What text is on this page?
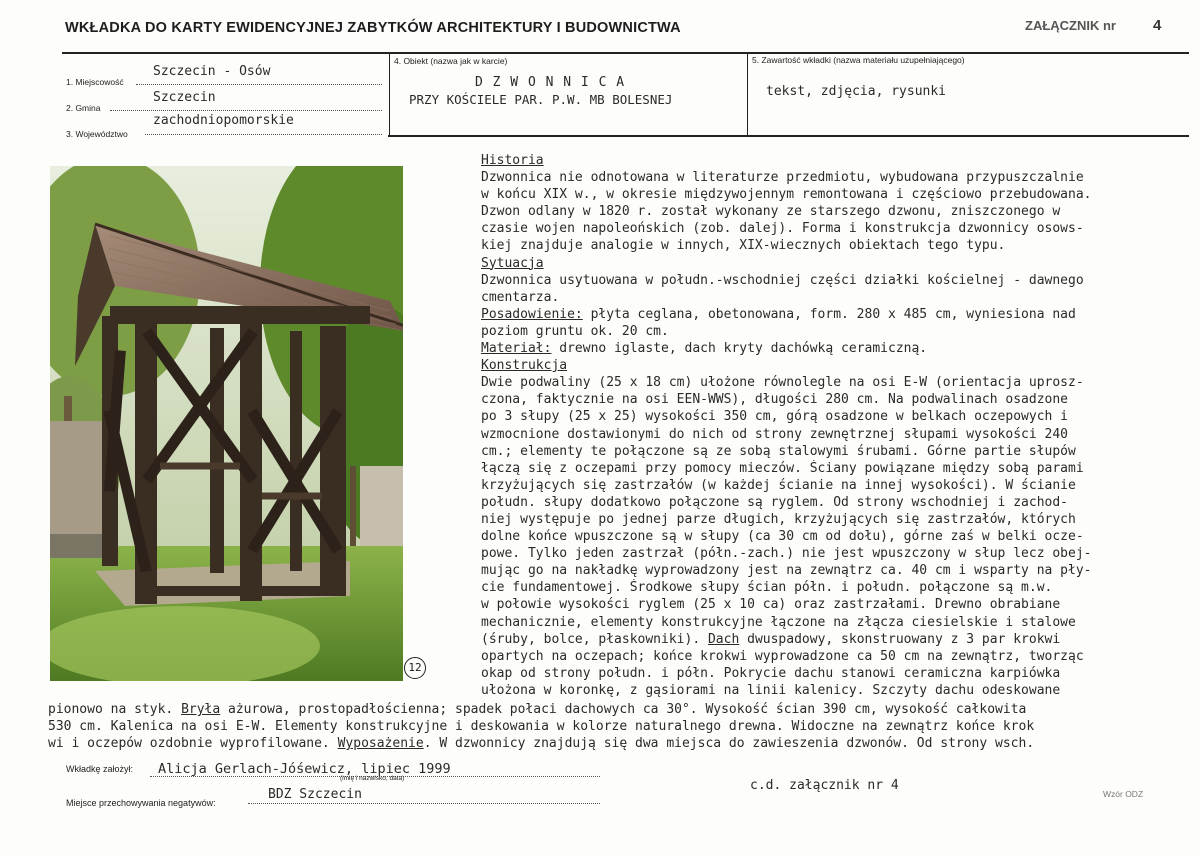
WKŁADKA DO KARTY EWIDENCYJNEJ ZABYTKÓW ARCHITEKTURY I BUDOWNICTWA	ZAŁĄCZNIK nr 4
1. Miejscowość
Szczecin - Osów
2. Gmina
Szczecin
3. Województwo
zachodniopomorskie
4. Obiekt (nazwa jak w karcie)
D Z W O N N I C A
PRZY KOŚCIELE PAR. P.W. MB BOLESNEJ
5. Zawartość wkładki (nazwa materiału uzupełniającego)
tekst, zdjęcia, rysunki
12
Historia
Dzwonnica nie odnotowana w literaturze przedmiotu, wybudowana przypuszczalnie
w końcu XIX w., w okresie międzywojennym remontowana i częściowo przebudowana.
Dzwon odlany w 1820 r. został wykonany ze starszego dzwonu, zniszczonego w
czasie wojen napoleońskich (zob. dalej). Forma i konstrukcja dzwonnicy osows-
kiej znajduje analogie w innych, XIX-wiecznych obiektach tego typu.
Sytuacja
Dzwonnica usytuowana w połudn.-wschodniej części działki kościelnej - dawnego
cmentarza.
Posadowienie: płyta ceglana, obetonowana, form. 280 x 485 cm, wyniesiona nad
poziom gruntu ok. 20 cm.
Materiał: drewno iglaste, dach kryty dachówką ceramiczną.
Konstrukcja
Dwie podwaliny (25 x 18 cm) ułożone równolegle na osi E-W (orientacja uprosz-
czona, faktycznie na osi EEN-WWS), długości 280 cm. Na podwalinach osadzone
po 3 słupy (25 x 25) wysokości 350 cm, górą osadzone w belkach oczepowych i
wzmocnione dostawionymi do nich od strony zewnętrznej słupami wysokości 240
cm.; elementy te połączone są ze sobą stalowymi śrubami. Górne partie słupów
łączą się z oczepami przy pomocy mieczów. Ściany powiązane między sobą parami
krzyżujących się zastrzałów (w każdej ścianie na innej wysokości). W ścianie
połudn. słupy dodatkowo połączone są ryglem. Od strony wschodniej i zachod-
niej występuje po jednej parze długich, krzyżujących się zastrzałów, których
dolne końce wpuszczone są w słupy (ca 30 cm od dołu), górne zaś w belki ocze-
powe. Tylko jeden zastrzał (półn.-zach.) nie jest wpuszczony w słup lecz obej-
mując go na nakładkę wyprowadzony jest na zewnątrz ca. 40 cm i wsparty na pły-
cie fundamentowej. Środkowe słupy ścian półn. i połudn. połączone są m.w.
w połowie wysokości ryglem (25 x 10 ca) oraz zastrzałami. Drewno obrabiane
mechanicznie, elementy konstrukcyjne łączone na złącza ciesielskie i stalowe
(śruby, bolce, płaskowniki). Dach dwuspadowy, skonstruowany z 3 par krokwi
opartych na oczepach; końce krokwi wyprowadzone ca 50 cm na zewnątrz, tworząc
okap od strony połudn. i półn. Pokrycie dachu stanowi ceramiczna karpiówka
ułożona w koronkę, z gąsiorami na linii kalenicy. Szczyty dachu odeskowane
pionowo na styk. Bryła ażurowa, prostopadłościenna; spadek połaci dachowych ca 30°. Wysokość ścian 390 cm, wysokość całkowita
530 cm. Kalenica na osi E-W. Elementy konstrukcyjne i deskowania w kolorze naturalnego drewna. Widoczne na zewnątrz końce krok
wi i oczepów ozdobnie wyprofilowane. Wyposażenie. W dzwonnicy znajdują się dwa miejsca do zawieszenia dzwonów. Od strony wsch.
Wkładkę założył: Alicja Gerlach-Jóśewicz, lipiec 1999
(imię i nazwisko, data)
Miejsce przechowywania negatywów:
BDZ Szczecin
c.d. załącznik nr 4
Wzór ODZ
